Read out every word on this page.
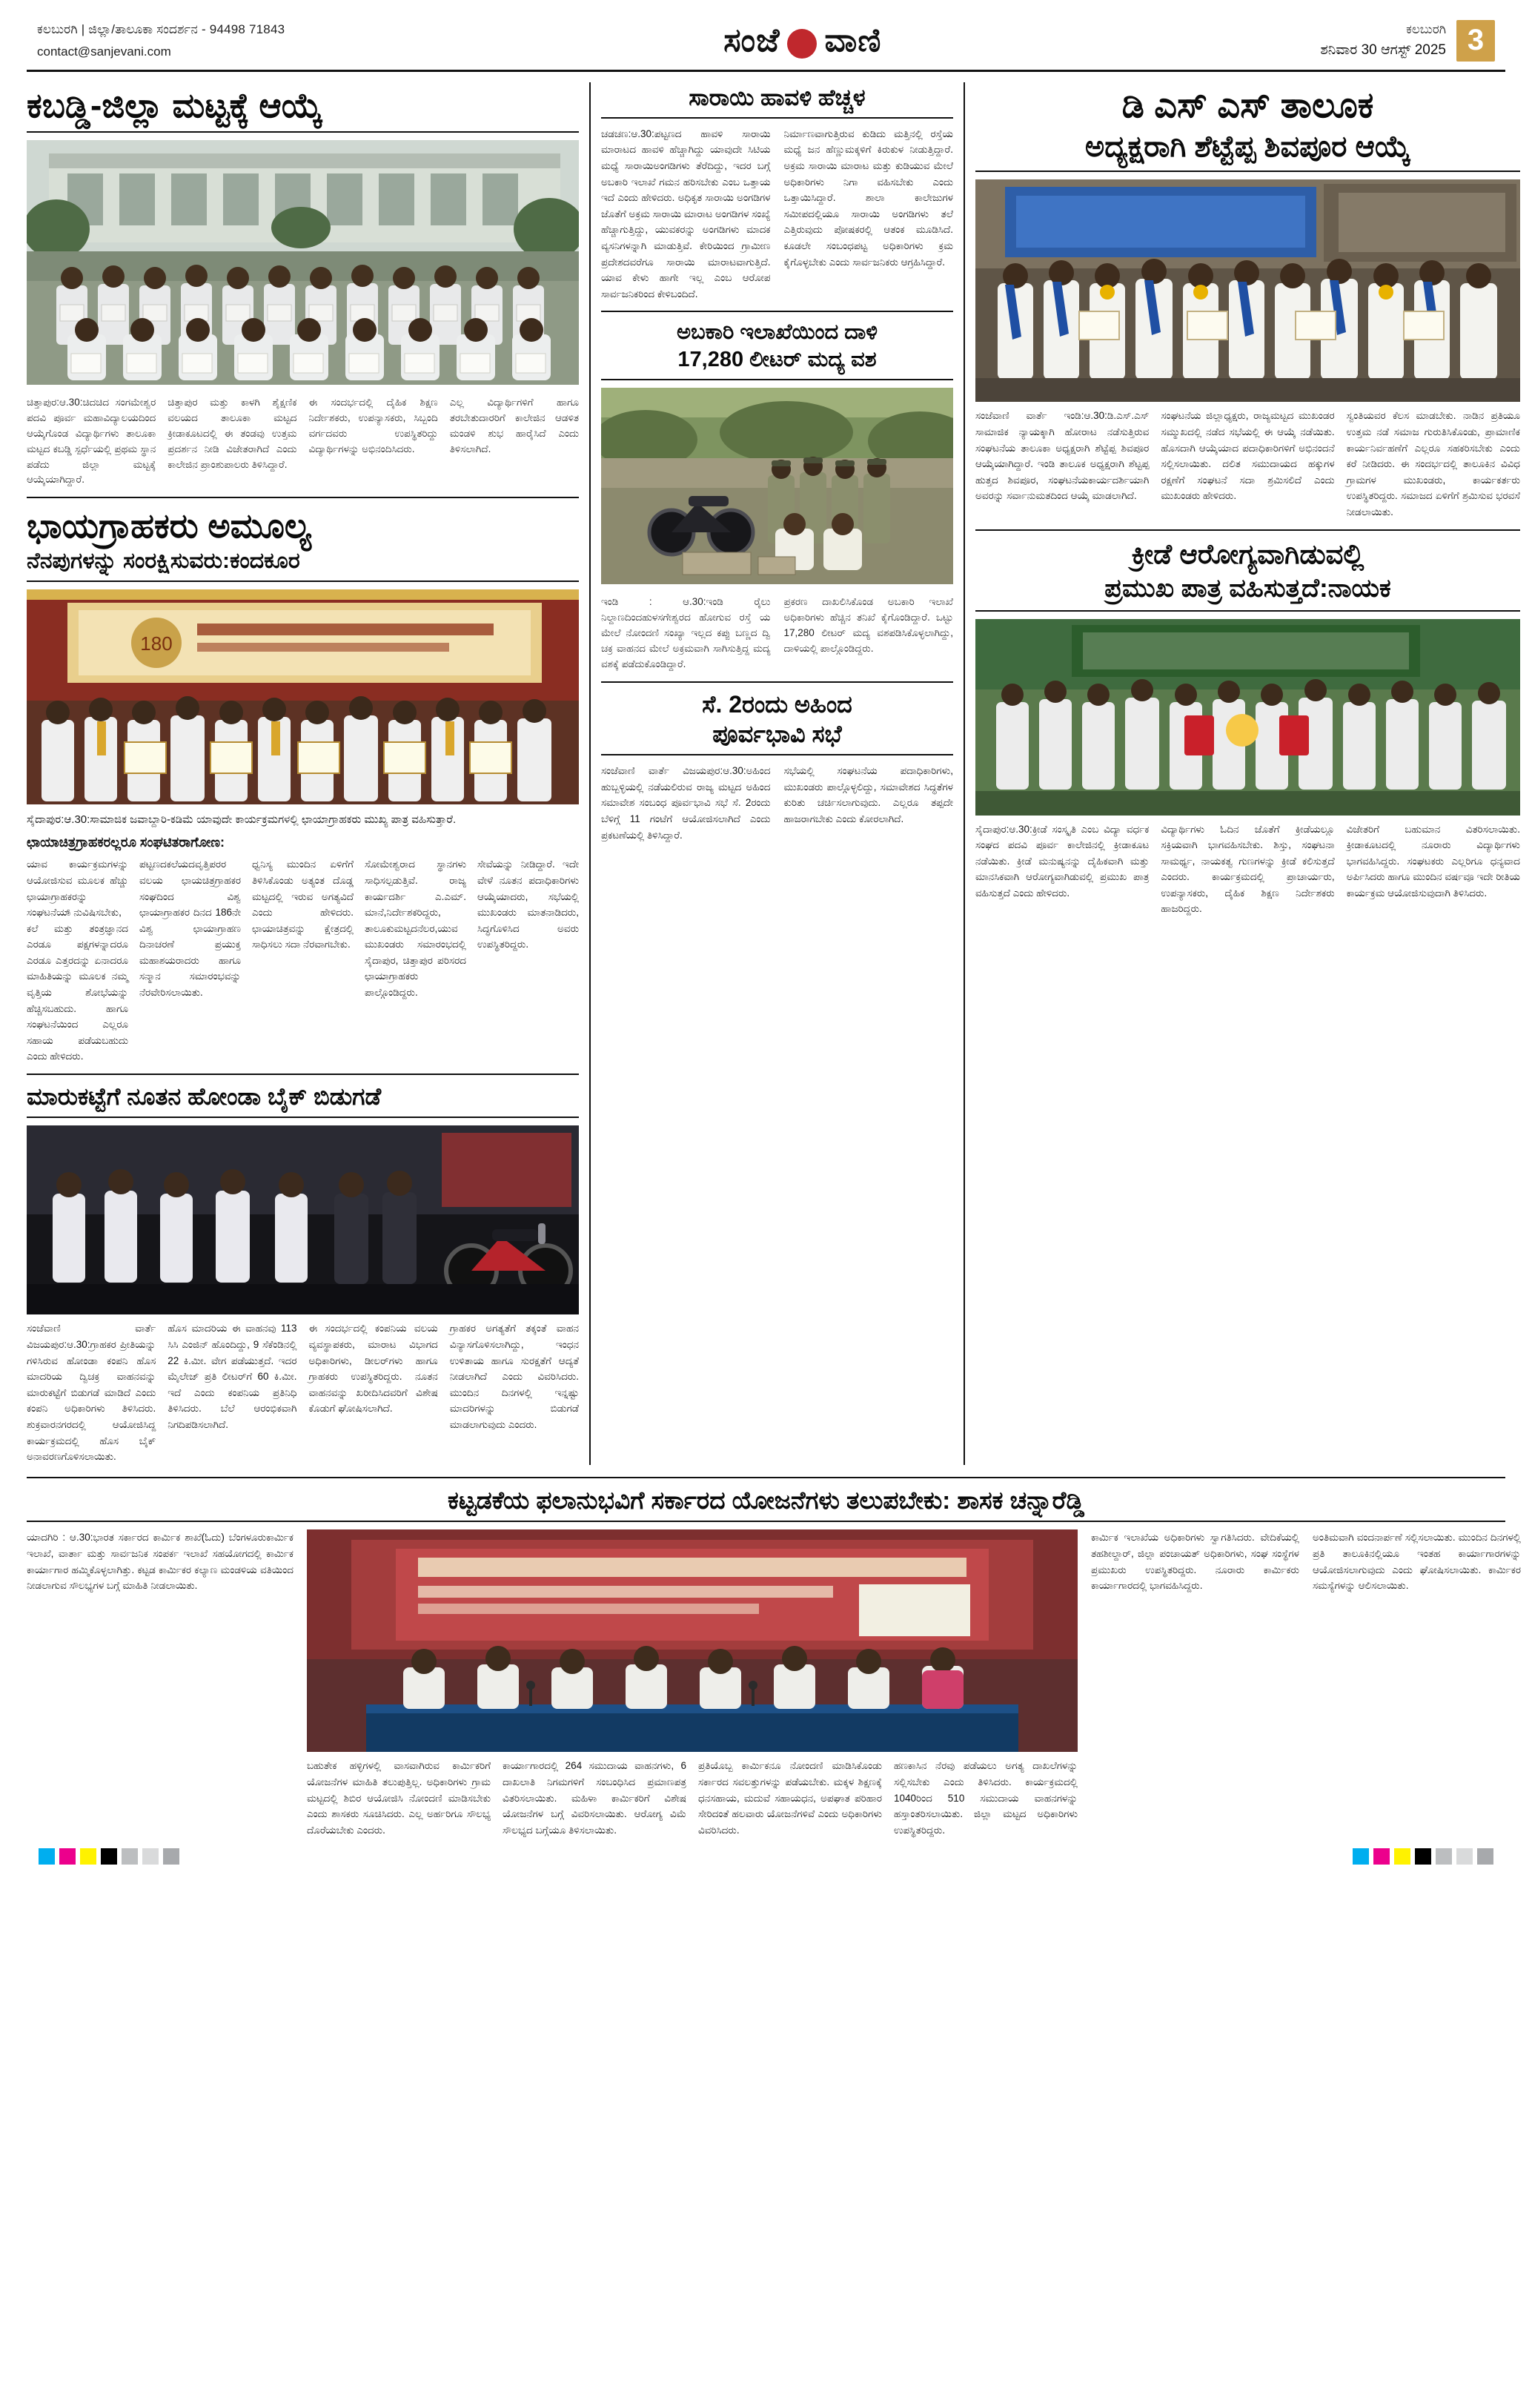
ಕಲಬುರಗಿ | ಜಿಲ್ಲಾ/ತಾಲೂಕಾ ಸಂದರ್ಶನ - 94498 71843
contact@sanjevani.com	ಸಂಜೆ ವಾಣಿ	ಕಲಬುರಗಿ
ಶನಿವಾರ 30 ಆಗಸ್ಟ್ 2025 3
ಕಬಡ್ಡಿ-ಜಿಲ್ಲಾ ಮಟ್ಟಕ್ಕೆ ಆಯ್ಕೆ
ಚಿತ್ತಾಪುರ:ಆ.30:ಚಿದಚಿದ ಸಂಗಮೇಶ್ವರ ಪದವಿ ಪೂರ್ವ ಮಹಾವಿದ್ಯಾಲಯದಿಂದ ಆಯ್ಕೆಗೊಂಡ ವಿದ್ಯಾರ್ಥಿಗಳು ತಾಲೂಕಾ ಮಟ್ಟದ ಕಬಡ್ಡಿ ಸ್ಪರ್ಧೆಯಲ್ಲಿ ಪ್ರಥಮ ಸ್ಥಾನ ಪಡೆದು ಜಿಲ್ಲಾ ಮಟ್ಟಕ್ಕೆ ಆಯ್ಕೆಯಾಗಿದ್ದಾರೆ.
ಚಿತ್ತಾಪುರ ಮತ್ತು ಕಾಳಗಿ ಶೈಕ್ಷಣಿಕ ವಲಯದ ತಾಲೂಕಾ ಮಟ್ಟದ ಕ್ರೀಡಾಕೂಟದಲ್ಲಿ ಈ ತಂಡವು ಉತ್ತಮ ಪ್ರದರ್ಶನ ನೀಡಿ ವಿಜೇತರಾಗಿದೆ ಎಂದು ಕಾಲೇಜಿನ ಪ್ರಾಂಶುಪಾಲರು ತಿಳಿಸಿದ್ದಾರೆ.
ಈ ಸಂದರ್ಭದಲ್ಲಿ ದೈಹಿಕ ಶಿಕ್ಷಣ ನಿರ್ದೇಶಕರು, ಉಪನ್ಯಾಸಕರು, ಸಿಬ್ಬಂದಿ ವರ್ಗದವರು ಉಪಸ್ಥಿತರಿದ್ದು ವಿದ್ಯಾರ್ಥಿಗಳನ್ನು ಅಭಿನಂದಿಸಿದರು.
ಎಲ್ಲ ವಿದ್ಯಾರ್ಥಿಗಳಿಗೆ ಹಾಗೂ ತರಬೇತುದಾರರಿಗೆ ಕಾಲೇಜಿನ ಆಡಳಿತ ಮಂಡಳಿ ಶುಭ ಹಾರೈಸಿದೆ ಎಂದು ತಿಳಿಸಲಾಗಿದೆ.
ಭಾಯಗ್ರಾಹಕರು ಅಮೂಲ್ಯ
ನೆನಪುಗಳನ್ನು ಸಂರಕ್ಷಿಸುವರು:ಕಂದಕೂರ
180
ಸೈದಾಪುರ:ಆ.30:ಸಾಮಾಜಿಕ ಜವಾಬ್ದಾರಿ-ಕಡಿಮೆ ಯಾವುದೇ ಕಾರ್ಯಕ್ರಮಗಳಲ್ಲಿ ಛಾಯಾಗ್ರಾಹಕರು ಮುಖ್ಯ ಪಾತ್ರ ವಹಿಸುತ್ತಾರೆ.
ಛಾಯಾಚಿತ್ರಗ್ರಾಹಕರಲ್ಲರೂ ಸಂಘಟಿತರಾಗೋಣ:
ಯಾವ ಕಾರ್ಯಕ್ರಮಗಳನ್ನು ಆಯೋಜಿಸುವ ಮೂಲಕ ಹೆಚ್ಚು ಛಾಯಾಗ್ರಾಹಕರನ್ನು ಸಂಘಟನೆಯಾ್ನುವಿಷಿಸಬೇಕು, ಕಲೆ ಮತ್ತು ತಂತ್ರಜ್ಞಾನದ ಎರಡೂ ಪಕ್ಷಗಳನ್ನಾದರೂ ಎರಡೂ ಎತ್ತರದನ್ನು ಏನಾದರೂ ಮಾಹಿತಿಯನ್ನು ಮೂಲಕ ನಮ್ಮ ವೃತ್ತಿಯ ಶೋಭೆಯನ್ನು ಹೆಚ್ಚಿಸಬಹುದು. ಹಾಗೂ ಸಂಘಟನೆಯಿಂದ ಎಲ್ಲರೂ ಸಹಾಯ ಪಡೆಯಬಹುದು ಎಂದು ಹೇಳಿದರು.
ಪಟ್ಟಣದಕಲೆಯದವೃತ್ತಿಪರರ ವಲಯ ಛಾಯಚಿತ್ರಗ್ರಾಹಕರ ಸಂಘದಿಂದ ವಿಶ್ವ ಛಾಯಾಗ್ರಾಹಕರ ದಿನದ 186ನೇ ವಿಶ್ವ ಛಾಯಾಗ್ರಾಹಣ ದಿನಾಚರಣೆ ಪ್ರಯುಕ್ತ ಮಹಾಶಯರಾದರು ಹಾಗೂ ಸನ್ಮಾನ ಸಮಾರಂಭವನ್ನು ನೆರವೇರಿಸಲಾಯಿತು.
ಧ್ವನಿಸ್ಯ ಮುಂದಿನ ಏಳಿಗೆಗೆ ತಿಳಿಸಿಕೊಂಡು ಅತ್ಯಂತ ದೊಡ್ಡ ಮಟ್ಟದಲ್ಲಿ ಇರುವ ಅಗತ್ಯವಿದೆ ಎಂದು ಹೇಳಿದರು. ಛಾಯಾಚಿತ್ರವನ್ನು ಕ್ಷೇತ್ರದಲ್ಲಿ ಸಾಧಿಸಲು ಸದಾ ನೆರವಾಗಬೇಕು.
ಸೋಮೇಶ್ವರಾದ ಸ್ಥಾನಗಳು ಸಾಧಿಸಲ್ಪಡುತ್ತಿವೆ. ರಾಜ್ಯ ಕಾರ್ಯದರ್ಶಿ ಎ.ಎಮ್. ಮಾನೆ,ನಿರ್ದೇಶಕರಿದ್ದರು, ತಾಲೂಕುಮಟ್ಟದನೆಲರ,ಯುವ ಮುಖಂಡರು ಸಮಾರಂಭದಲ್ಲಿ ಸೈದಾಪುರ, ಚಿತ್ತಾಪುರ ಪರಿಸರದ ಛಾಯಾಗ್ರಾಹಕರು ಪಾಲ್ಗೊಂಡಿದ್ದರು.
ಸೇವೆಯನ್ನು ನೀಡಿದ್ದಾರೆ. ಇದೇ ವೇಳೆ ನೂತನ ಪದಾಧಿಕಾರಿಗಳು ಆಯ್ಕೆಯಾದರು, ಸಭೆಯಲ್ಲಿ ಮುಖಂಡರು ಮಾತನಾಡಿದರು, ಸಿದ್ಧಗೊಳಿಸಿದ ಅವರು ಉಪಸ್ಥಿತರಿದ್ದರು.
ಮಾರುಕಟ್ಟೆಗೆ ನೂತನ ಹೋಂಡಾ ಬೈಕ್ ಬಿಡುಗಡೆ
ಸಂಜೆವಾಣಿ ವಾರ್ತೆ ವಿಜಯಪುರ:ಆ.30:ಗ್ರಾಹಕರ ಪ್ರೀತಿಯನ್ನು ಗಳಿಸಿರುವ ಹೋಂಡಾ ಕಂಪನಿ ಹೊಸ ಮಾದರಿಯ ದ್ವಿಚಕ್ರ ವಾಹನವನ್ನು ಮಾರುಕಟ್ಟೆಗೆ ಬಿಡುಗಡೆ ಮಾಡಿದೆ ಎಂದು ಕಂಪನಿ ಅಧಿಕಾರಿಗಳು ತಿಳಿಸಿದರು. ಶುಕ್ರವಾರನಗರದಲ್ಲಿ ಆಯೋಜಿಸಿದ್ದ ಕಾರ್ಯಕ್ರಮದಲ್ಲಿ ಹೊಸ ಬೈಕ್ ಅನಾವರಣಗೊಳಿಸಲಾಯಿತು.
ಹೊಸ ಮಾದರಿಯ ಈ ವಾಹನವು 113 ಸಿಸಿ ಎಂಜಿನ್ ಹೊಂದಿದ್ದು, 9 ಸೆಕೆಂಡಿನಲ್ಲಿ 22 ಕಿ.ಮೀ. ವೇಗ ಪಡೆಯುತ್ತದೆ. ಇದರ ಮೈಲೇಜ್ ಪ್ರತಿ ಲೀಟರ್‌ಗೆ 60 ಕಿ.ಮೀ. ಇದೆ ಎಂದು ಕಂಪನಿಯ ಪ್ರತಿನಿಧಿ ತಿಳಿಸಿದರು. ಬೆಲೆ ಆರಂಭಿಕವಾಗಿ ನಿಗದಿಪಡಿಸಲಾಗಿದೆ.
ಈ ಸಂದರ್ಭದಲ್ಲಿ ಕಂಪನಿಯ ವಲಯ ವ್ಯವಸ್ಥಾಪಕರು, ಮಾರಾಟ ವಿಭಾಗದ ಅಧಿಕಾರಿಗಳು, ಡೀಲರ್‌ಗಳು ಹಾಗೂ ಗ್ರಾಹಕರು ಉಪಸ್ಥಿತರಿದ್ದರು. ನೂತನ ವಾಹನವನ್ನು ಖರೀದಿಸಿದವರಿಗೆ ವಿಶೇಷ ಕೊಡುಗೆ ಘೋಷಿಸಲಾಗಿದೆ.
ಗ್ರಾಹಕರ ಅಗತ್ಯತೆಗೆ ತಕ್ಕಂತೆ ವಾಹನ ವಿನ್ಯಾಸಗೊಳಿಸಲಾಗಿದ್ದು, ಇಂಧನ ಉಳಿತಾಯ ಹಾಗೂ ಸುರಕ್ಷತೆಗೆ ಆದ್ಯತೆ ನೀಡಲಾಗಿದೆ ಎಂದು ವಿವರಿಸಿದರು. ಮುಂದಿನ ದಿನಗಳಲ್ಲಿ ಇನ್ನಷ್ಟು ಮಾದರಿಗಳನ್ನು ಬಿಡುಗಡೆ ಮಾಡಲಾಗುವುದು ಎಂದರು.
ಸಾರಾಯಿ ಹಾವಳಿ ಹೆಚ್ಚಳ
ಚಡಚಣ:ಆ.30:ಪಟ್ಟಣದ ಹಾವಳಿ ಸಾರಾಯಿ ಮಾರಾಟದ ಹಾವಳಿ ಹೆಚ್ಚಾಗಿದ್ದು ಯಾವುದೇ ಸಿಟಿಯ ಮಧ್ಯೆ ಸಾರಾಯಿಅಂಗಡಿಗಳು ತೆರೆದಿದ್ದು, ಇದರ ಬಗ್ಗೆ ಅಬಕಾರಿ ಇಲಾಖೆ ಗಮನ ಹರಿಸಬೇಕು ಎಂಬ ಒತ್ತಾಯ ಇದೆ ಎಂದು ಹೇಳಿದರು. ಅಧಿಕೃತ ಸಾರಾಯಿ ಅಂಗಡಿಗಳ ಜೊತೆಗೆ ಅಕ್ರಮ ಸಾರಾಯಿ ಮಾರಾಟ ಅಂಗಡಿಗಳ ಸಂಖ್ಯೆ ಹೆಚ್ಚಾಗುತ್ತಿದ್ದು, ಯುವಕರನ್ನು ಅಂಗಡಿಗಳು ಮಾದಕ ವ್ಯಸನಿಗಳನ್ನಾಗಿ ಮಾಡುತ್ತಿವೆ. ಕೇರಿಯಿಂದ ಗ್ರಾಮೀಣ ಪ್ರದೇಶದವರೆಗೂ ಸಾರಾಯಿ ಮಾರಾಟವಾಗುತ್ತಿದೆ. ಯಾವ ಕೇಳು ಹಾಗೇ ಇಲ್ಲ ಎಂಬ ಆರೋಪ ಸಾರ್ವಜನಿಕರಿಂದ ಕೇಳಿಬಂದಿದೆ.
ನಿರ್ಮಾಣವಾಗುತ್ತಿರುವ ಕುಡಿದು ಮತ್ತಿನಲ್ಲಿ ರಸ್ತೆಯ ಮಧ್ಯೆ ಜನ ಹೆಣ್ಣುಮಕ್ಕಳಿಗೆ ಕಿರುಕುಳ ನೀಡುತ್ತಿದ್ದಾರೆ. ಅಕ್ರಮ ಸಾರಾಯಿ ಮಾರಾಟ ಮತ್ತು ಕುಡಿಯುವ ಮೇಲೆ ಅಧಿಕಾರಿಗಳು ನಿಗಾ ವಹಿಸಬೇಕು ಎಂದು ಒತ್ತಾಯಿಸಿದ್ದಾರೆ. ಶಾಲಾ ಕಾಲೇಜುಗಳ ಸಮೀಪದಲ್ಲಿಯೂ ಸಾರಾಯಿ ಅಂಗಡಿಗಳು ತಲೆ ಎತ್ತಿರುವುದು ಪೋಷಕರಲ್ಲಿ ಆತಂಕ ಮೂಡಿಸಿದೆ. ಕೂಡಲೇ ಸಂಬಂಧಪಟ್ಟ ಅಧಿಕಾರಿಗಳು ಕ್ರಮ ಕೈಗೊಳ್ಳಬೇಕು ಎಂದು ಸಾರ್ವಜನಿಕರು ಆಗ್ರಹಿಸಿದ್ದಾರೆ.
ಅಬಕಾರಿ ಇಲಾಖೆಯಿಂದ ದಾಳಿ
17,280 ಲೀಟರ್ ಮದ್ಯ ವಶ
ಇಂಡಿ : ಆ.30:ಇಂಡಿ ರೈಲು ನಿಲ್ದಾಣದಿಂದಹುಳಸಗೇಶ್ವರದ ಹೋಗುವ ರಸ್ತೆ ಯ ಮೇಲೆ ನೋಂದಣಿ ಸಂಖ್ಯಾ ಇಲ್ಲದ ಕಪ್ಪು ಬಣ್ಣದ ದ್ವಿ ಚಕ್ರ ವಾಹನದ ಮೇಲೆ ಅಕ್ರಮವಾಗಿ ಸಾಗಿಸುತ್ತಿದ್ದ ಮದ್ಯ ವಶಕ್ಕೆ ಪಡೆದುಕೊಂಡಿದ್ದಾರೆ.
ಪ್ರಕರಣ ದಾಖಲಿಸಿಕೊಂಡ ಅಬಕಾರಿ ಇಲಾಖೆ ಅಧಿಕಾರಿಗಳು ಹೆಚ್ಚಿನ ತನಿಖೆ ಕೈಗೊಂಡಿದ್ದಾರೆ. ಒಟ್ಟು 17,280 ಲೀಟರ್ ಮದ್ಯ ವಶಪಡಿಸಿಕೊಳ್ಳಲಾಗಿದ್ದು, ದಾಳಿಯಲ್ಲಿ ಪಾಲ್ಗೊಂಡಿದ್ದರು.
ಸೆ. 2ರಂದು ಅಹಿಂದ
ಪೂರ್ವಭಾವಿ ಸಭೆ
ಸಂಜೆವಾಣಿ ವಾರ್ತೆ ವಿಜಯಪುರ:ಆ.30:ಅಹಿಂದ ಹುಬ್ಬಳ್ಳಿಯಲ್ಲಿ ನಡೆಯಲಿರುವ ರಾಜ್ಯ ಮಟ್ಟದ ಅಹಿಂದ ಸಮಾವೇಶ ಸಂಬಂಧ ಪೂರ್ವಭಾವಿ ಸಭೆ ಸೆ. 2ರಂದು ಬೆಳಿಗ್ಗೆ 11 ಗಂಟೆಗೆ ಆಯೋಜಿಸಲಾಗಿದೆ ಎಂದು ಪ್ರಕಟಣೆಯಲ್ಲಿ ತಿಳಿಸಿದ್ದಾರೆ.
ಸಭೆಯಲ್ಲಿ ಸಂಘಟನೆಯ ಪದಾಧಿಕಾರಿಗಳು, ಮುಖಂಡರು ಪಾಲ್ಗೊಳ್ಳಲಿದ್ದು, ಸಮಾವೇಶದ ಸಿದ್ಧತೆಗಳ ಕುರಿತು ಚರ್ಚಿಸಲಾಗುವುದು. ಎಲ್ಲರೂ ತಪ್ಪದೇ ಹಾಜರಾಗಬೇಕು ಎಂದು ಕೋರಲಾಗಿದೆ.
ಡಿ ಎಸ್ ಎಸ್ ತಾಲೂಕ
ಅದ್ಯಕ್ಷರಾಗಿ ಶೆಟ್ಟೆಪ್ಪ ಶಿವಪೂರ ಆಯ್ಕೆ
ಸಂಜೆವಾಣಿ ವಾರ್ತೆ ಇಂಡಿ:ಆ.30:ಡಿ.ಎಸ್.ಎಸ್ ಸಾಮಾಜಿಕ ನ್ಯಾಯಕ್ಕಾಗಿ ಹೋರಾಟ ನಡೆಸುತ್ತಿರುವ ಸಂಘಟನೆಯ ತಾಲೂಕಾ ಅಧ್ಯಕ್ಷರಾಗಿ ಶೆಟ್ಟೆಪ್ಪ ಶಿವಪೂರ ಆಯ್ಕೆಯಾಗಿದ್ದಾರೆ. ಇಂಡಿ ತಾಲೂಕ ಅಧ್ಯಕ್ಷರಾಗಿ ಶೆಟ್ಟಪ್ಪ ಹುತ್ತದ ಶಿವಪೂರ, ಸಂಘಟನೆಯಕಾರ್ಯದರ್ಶಿಯಾಗಿ ಅವರನ್ನು ಸರ್ವಾನುಮತದಿಂದ ಆಯ್ಕೆ ಮಾಡಲಾಗಿದೆ.
ಸಂಘಟನೆಯ ಜಿಲ್ಲಾಧ್ಯಕ್ಷರು, ರಾಜ್ಯಮಟ್ಟದ ಮುಖಂಡರ ಸಮ್ಮುಖದಲ್ಲಿ ನಡೆದ ಸಭೆಯಲ್ಲಿ ಈ ಆಯ್ಕೆ ನಡೆಯಿತು. ಹೊಸದಾಗಿ ಆಯ್ಕೆಯಾದ ಪದಾಧಿಕಾರಿಗಳಿಗೆ ಅಭಿನಂದನೆ ಸಲ್ಲಿಸಲಾಯಿತು. ದಲಿತ ಸಮುದಾಯದ ಹಕ್ಕುಗಳ ರಕ್ಷಣೆಗೆ ಸಂಘಟನೆ ಸದಾ ಶ್ರಮಿಸಲಿದೆ ಎಂದು ಮುಖಂಡರು ಹೇಳಿದರು.
ಸ್ವಂತಿಯವರ ಕೆಲಸ ಮಾಡಬೇಕು. ನಾಡಿನ ಪ್ರತಿಯೂ ಉತ್ತಮ ನಡೆ ಸಮಾಜ ಗುರುತಿಸಿಕೊಂಡು, ಪ್ರಾಮಾಣಿಕ ಕಾರ್ಯನಿರ್ವಹಣೆಗೆ ಎಲ್ಲರೂ ಸಹಕರಿಸಬೇಕು ಎಂದು ಕರೆ ನೀಡಿದರು. ಈ ಸಂದರ್ಭದಲ್ಲಿ ತಾಲೂಕಿನ ವಿವಿಧ ಗ್ರಾಮಗಳ ಮುಖಂಡರು, ಕಾರ್ಯಕರ್ತರು ಉಪಸ್ಥಿತರಿದ್ದರು. ಸಮಾಜದ ಏಳಿಗೆಗೆ ಶ್ರಮಿಸುವ ಭರವಸೆ ನೀಡಲಾಯಿತು.
ಕ್ರೀಡೆ ಆರೋಗ್ಯವಾಗಿಡುವಲ್ಲಿ
ಪ್ರಮುಖ ಪಾತ್ರ ವಹಿಸುತ್ತದೆ:ನಾಯಕ
ಸೈದಾಪುರ:ಆ.30:ಕ್ರೀಡೆ ಸಂಸ್ಕೃತಿ ಎಂಬ ವಿದ್ಯಾ ವರ್ಧಕ ಸಂಘದ ಪದವಿ ಪೂರ್ವ ಕಾಲೇಜಿನಲ್ಲಿ ಕ್ರೀಡಾಕೂಟ ನಡೆಯಿತು. ಕ್ರೀಡೆ ಮನುಷ್ಯನನ್ನು ದೈಹಿಕವಾಗಿ ಮತ್ತು ಮಾನಸಿಕವಾಗಿ ಆರೋಗ್ಯವಾಗಿಡುವಲ್ಲಿ ಪ್ರಮುಖ ಪಾತ್ರ ವಹಿಸುತ್ತದೆ ಎಂದು ಹೇಳಿದರು.
ವಿದ್ಯಾರ್ಥಿಗಳು ಓದಿನ ಜೊತೆಗೆ ಕ್ರೀಡೆಯಲ್ಲೂ ಸಕ್ರಿಯವಾಗಿ ಭಾಗವಹಿಸಬೇಕು. ಶಿಸ್ತು, ಸಂಘಟನಾ ಸಾಮರ್ಥ್ಯ, ನಾಯಕತ್ವ ಗುಣಗಳನ್ನು ಕ್ರೀಡೆ ಕಲಿಸುತ್ತದೆ ಎಂದರು. ಕಾರ್ಯಕ್ರಮದಲ್ಲಿ ಪ್ರಾಚಾರ್ಯರು, ಉಪನ್ಯಾಸಕರು, ದೈಹಿಕ ಶಿಕ್ಷಣ ನಿರ್ದೇಶಕರು ಹಾಜರಿದ್ದರು.
ವಿಜೇತರಿಗೆ ಬಹುಮಾನ ವಿತರಿಸಲಾಯಿತು. ಕ್ರೀಡಾಕೂಟದಲ್ಲಿ ನೂರಾರು ವಿದ್ಯಾರ್ಥಿಗಳು ಭಾಗವಹಿಸಿದ್ದರು. ಸಂಘಟಕರು ಎಲ್ಲರಿಗೂ ಧನ್ಯವಾದ ಅರ್ಪಿಸಿದರು ಹಾಗೂ ಮುಂದಿನ ವರ್ಷವೂ ಇದೇ ರೀತಿಯ ಕಾರ್ಯಕ್ರಮ ಆಯೋಜಿಸುವುದಾಗಿ ತಿಳಿಸಿದರು.
ಕಟ್ಟಡಕೆಯ ಫಲಾನುಭವಿಗೆ ಸರ್ಕಾರದ ಯೋಜನೆಗಳು ತಲುಪಬೇಕು: ಶಾಸಕ ಚನ್ನಾರೆಡ್ಡಿ
ಯಾದಗಿರಿ : ಆ.30:ಭಾರತ ಸರ್ಕಾರದ ಕಾರ್ಮಿಕ ಶಾಖೆ(ಓದು) ಬೆಂಗಳೂರುಕಾರ್ಮಿಕ ಇಲಾಖೆ, ವಾರ್ತಾ ಮತ್ತು ಸಾರ್ವಜನಿಕ ಸಂಪರ್ಕ ಇಲಾಖೆ ಸಹಯೋಗದಲ್ಲಿ ಕಾರ್ಮಿಕ ಕಾರ್ಯಾಗಾರ ಹಮ್ಮಿಕೊಳ್ಳಲಾಗಿತ್ತು. ಕಟ್ಟಡ ಕಾರ್ಮಿಕರ ಕಲ್ಯಾಣ ಮಂಡಳಿಯ ವತಿಯಿಂದ ನೀಡಲಾಗುವ ಸೌಲಭ್ಯಗಳ ಬಗ್ಗೆ ಮಾಹಿತಿ ನೀಡಲಾಯಿತು.
ಬಹುತೇಕ ಹಳ್ಳಿಗಳಲ್ಲಿ ವಾಸವಾಗಿರುವ ಕಾರ್ಮಿಕರಿಗೆ ಯೋಜನೆಗಳ ಮಾಹಿತಿ ತಲುಪುತ್ತಿಲ್ಲ. ಅಧಿಕಾರಿಗಳು ಗ್ರಾಮ ಮಟ್ಟದಲ್ಲಿ ಶಿಬಿರ ಆಯೋಜಿಸಿ ನೋಂದಣಿ ಮಾಡಿಸಬೇಕು ಎಂದು ಶಾಸಕರು ಸೂಚಿಸಿದರು. ಎಲ್ಲ ಅರ್ಹರಿಗೂ ಸೌಲಭ್ಯ ದೊರೆಯಬೇಕು ಎಂದರು.
ಕಾರ್ಯಾಗಾರದಲ್ಲಿ 264 ಸಮುದಾಯ ವಾಹನಗಳು, 6 ದಾಖಲಾತಿ ನಿಗಮಗಳಿಗೆ ಸಂಬಂಧಿಸಿದ ಪ್ರಮಾಣಪತ್ರ ವಿತರಿಸಲಾಯಿತು. ಮಹಿಳಾ ಕಾರ್ಮಿಕರಿಗೆ ವಿಶೇಷ ಯೋಜನೆಗಳ ಬಗ್ಗೆ ವಿವರಿಸಲಾಯಿತು. ಆರೋಗ್ಯ ವಿಮೆ ಸೌಲಭ್ಯದ ಬಗ್ಗೆಯೂ ತಿಳಿಸಲಾಯಿತು.
ಪ್ರತಿಯೊಬ್ಬ ಕಾರ್ಮಿಕನೂ ನೋಂದಣಿ ಮಾಡಿಸಿಕೊಂಡು ಸರ್ಕಾರದ ಸವಲತ್ತುಗಳನ್ನು ಪಡೆಯಬೇಕು. ಮಕ್ಕಳ ಶಿಕ್ಷಣಕ್ಕೆ ಧನಸಹಾಯ, ಮದುವೆ ಸಹಾಯಧನ, ಅಪಘಾತ ಪರಿಹಾರ ಸೇರಿದಂತೆ ಹಲವಾರು ಯೋಜನೆಗಳಿವೆ ಎಂದು ಅಧಿಕಾರಿಗಳು ವಿವರಿಸಿದರು.
ಹಣಕಾಸಿನ ನೆರವು ಪಡೆಯಲು ಅಗತ್ಯ ದಾಖಲೆಗಳನ್ನು ಸಲ್ಲಿಸಬೇಕು ಎಂದು ತಿಳಿಸಿದರು. ಕಾರ್ಯಕ್ರಮದಲ್ಲಿ 1040ರಿಂದ 510 ಸಮುದಾಯ ವಾಹನಗಳನ್ನು ಹಸ್ತಾಂತರಿಸಲಾಯಿತು. ಜಿಲ್ಲಾ ಮಟ್ಟದ ಅಧಿಕಾರಿಗಳು ಉಪಸ್ಥಿತರಿದ್ದರು.
ಕಾರ್ಮಿಕ ಇಲಾಖೆಯ ಅಧಿಕಾರಿಗಳು ಸ್ವಾಗತಿಸಿದರು. ವೇದಿಕೆಯಲ್ಲಿ ತಹಶೀಲ್ದಾರ್, ಜಿಲ್ಲಾ ಪಂಚಾಯತ್ ಅಧಿಕಾರಿಗಳು, ಸಂಘ ಸಂಸ್ಥೆಗಳ ಪ್ರಮುಖರು ಉಪಸ್ಥಿತರಿದ್ದರು. ನೂರಾರು ಕಾರ್ಮಿಕರು ಕಾರ್ಯಾಗಾರದಲ್ಲಿ ಭಾಗವಹಿಸಿದ್ದರು.
ಅಂತಿಮವಾಗಿ ವಂದನಾರ್ಪಣೆ ಸಲ್ಲಿಸಲಾಯಿತು. ಮುಂದಿನ ದಿನಗಳಲ್ಲಿ ಪ್ರತಿ ತಾಲೂಕಿನಲ್ಲಿಯೂ ಇಂತಹ ಕಾರ್ಯಾಗಾರಗಳನ್ನು ಆಯೋಜಿಸಲಾಗುವುದು ಎಂದು ಘೋಷಿಸಲಾಯಿತು. ಕಾರ್ಮಿಕರ ಸಮಸ್ಯೆಗಳನ್ನು ಆಲಿಸಲಾಯಿತು.
